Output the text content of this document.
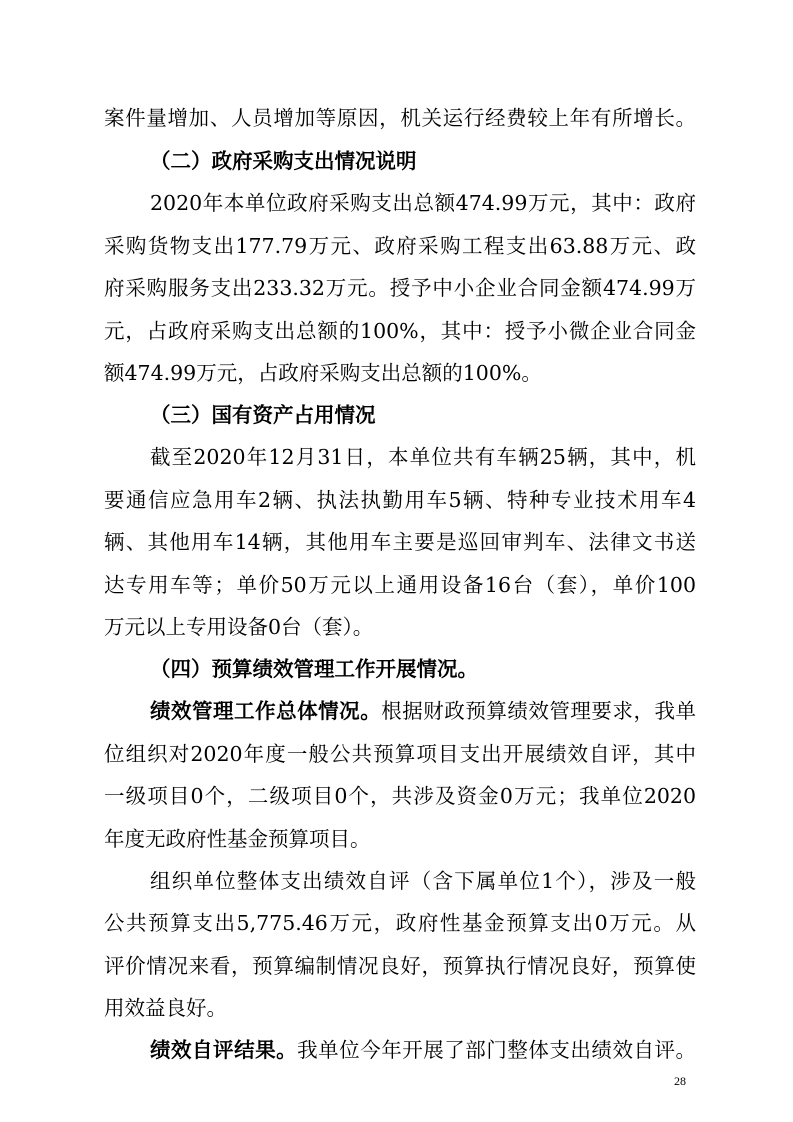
案件量增加、人员增加等原因，机关运行经费较上年有所增长。
（二）政府采购支出情况说明
2020年本单位政府采购支出总额474.99万元，其中：政府
采购货物支出177.79万元、政府采购工程支出63.88万元、政
府采购服务支出233.32万元。授予中小企业合同金额474.99万
元，占政府采购支出总额的100%，其中：授予小微企业合同金
额474.99万元，占政府采购支出总额的100%。
（三）国有资产占用情况
截至2020年12月31日，本单位共有车辆25辆，其中，机
要通信应急用车2辆、执法执勤用车5辆、特种专业技术用车4
辆、其他用车14辆，其他用车主要是巡回审判车、法律文书送
达专用车等；单价50万元以上通用设备16台（套），单价100
万元以上专用设备0台（套）。
（四）预算绩效管理工作开展情况。
绩效管理工作总体情况。根据财政预算绩效管理要求，我单
位组织对2020年度一般公共预算项目支出开展绩效自评，其中
一级项目0个，二级项目0个，共涉及资金0万元；我单位2020
年度无政府性基金预算项目。
组织单位整体支出绩效自评（含下属单位1个），涉及一般
公共预算支出5,775.46万元，政府性基金预算支出0万元。从
评价情况来看，预算编制情况良好，预算执行情况良好，预算使
用效益良好。
绩效自评结果。我单位今年开展了部门整体支出绩效自评。
28
